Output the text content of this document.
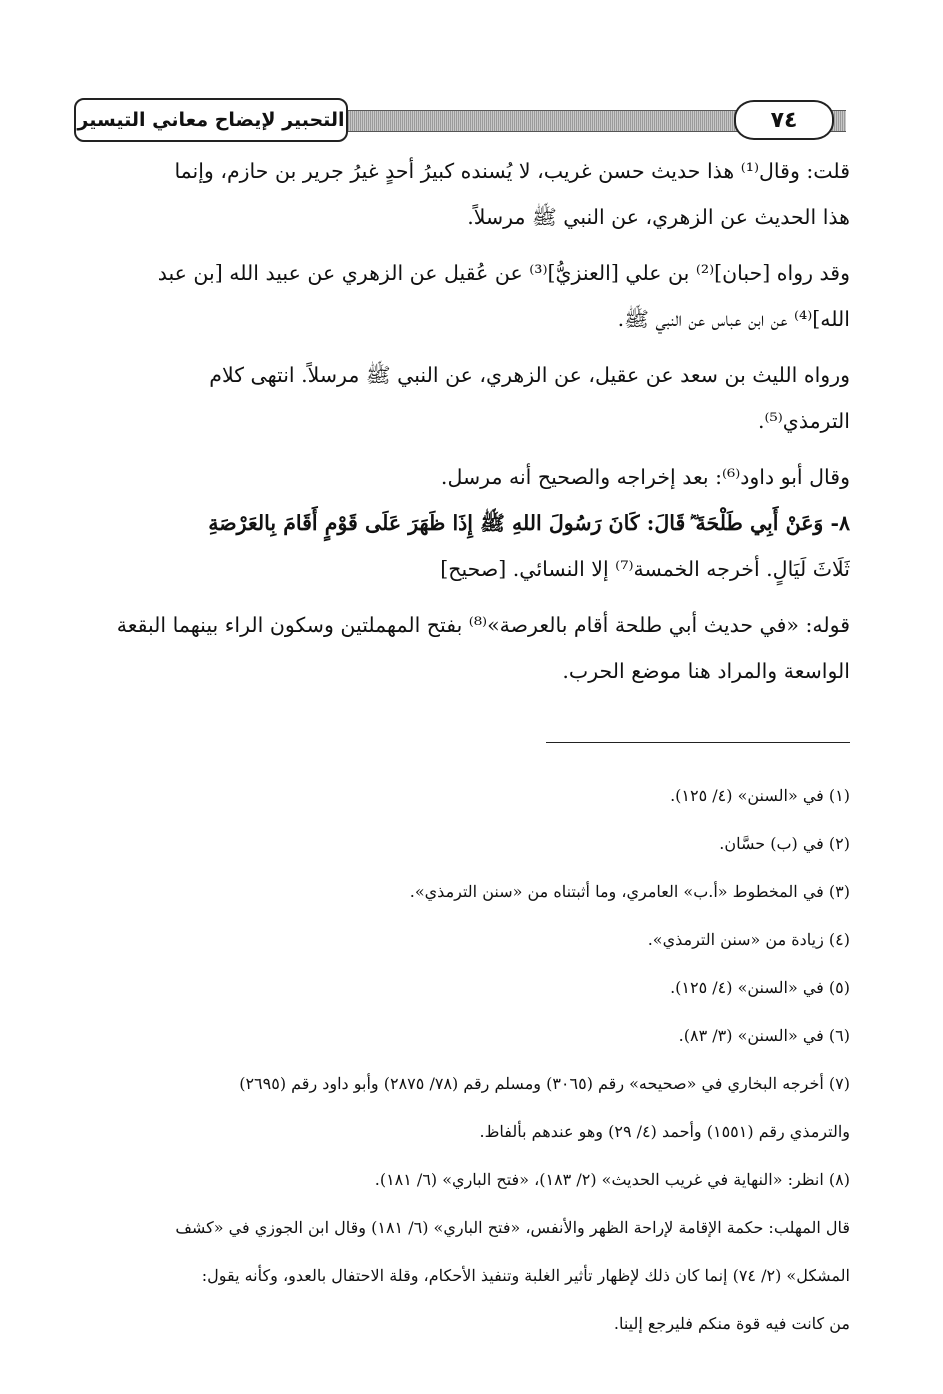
التحبير لإيضاح معاني التيسير	٧٤
قلت: وقال⁽¹⁾ هذا حديث حسن غريب، لا يُسنده كبيرُ أحدٍ غيرُ جرير بن حازم، وإنما
هذا الحديث عن الزهري، عن النبي ﷺ مرسلاً.
وقد رواه [حبان]⁽²⁾ بن علي [العنزيُّ]⁽³⁾ عن عُقيل عن الزهري عن عبيد الله [بن عبد
الله]⁽⁴⁾ عن ابن عباس عن النبي ﷺ.
ورواه الليث بن سعد عن عقيل، عن الزهري، عن النبي ﷺ مرسلاً. انتهى كلام
الترمذي⁽⁵⁾.
وقال أبو داود⁽⁶⁾: بعد إخراجه والصحيح أنه مرسل.
٨- وَعَنْ أَبِي طَلْحَةَ ؓ قَالَ: كَانَ رَسُولَ اللهِ ﷺ إِذَا ظَهَرَ عَلَى قَوْمٍ أَقَامَ بِالعَرْصَةِ
ثَلَاثَ لَيَالٍ. أخرجه الخمسة⁽⁷⁾ إلا النسائي. [صحيح]
قوله: «في حديث أبي طلحة أقام بالعرصة»⁽⁸⁾ بفتح المهملتين وسكون الراء بينهما البقعة
الواسعة والمراد هنا موضع الحرب.
(١) في «السنن» (٤/ ١٢٥).
(٢) في (ب) حسَّان.
(٣) في المخطوط «أ.ب» العامري، وما أثبتناه من «سنن الترمذي».
(٤) زيادة من «سنن الترمذي».
(٥) في «السنن» (٤/ ١٢٥).
(٦) في «السنن» (٣/ ٨٣).
(٧) أخرجه البخاري في «صحيحه» رقم (٣٠٦٥) ومسلم رقم (٧٨/ ٢٨٧٥) وأبو داود رقم (٢٦٩٥)
والترمذي رقم (١٥٥١) وأحمد (٤/ ٢٩) وهو عندهم بألفاظ.
(٨) انظر: «النهاية في غريب الحديث» (٢/ ١٨٣)، «فتح الباري» (٦/ ١٨١).
قال المهلب: حكمة الإقامة لإراحة الظهر والأنفس، «فتح الباري» (٦/ ١٨١) وقال ابن الجوزي في «كشف
المشكل» (٢/ ٧٤) إنما كان ذلك لإظهار تأثير الغلبة وتنفيذ الأحكام، وقلة الاحتفال بالعدو، وكأنه يقول:
من كانت فيه قوة منكم فليرجع إلينا.
